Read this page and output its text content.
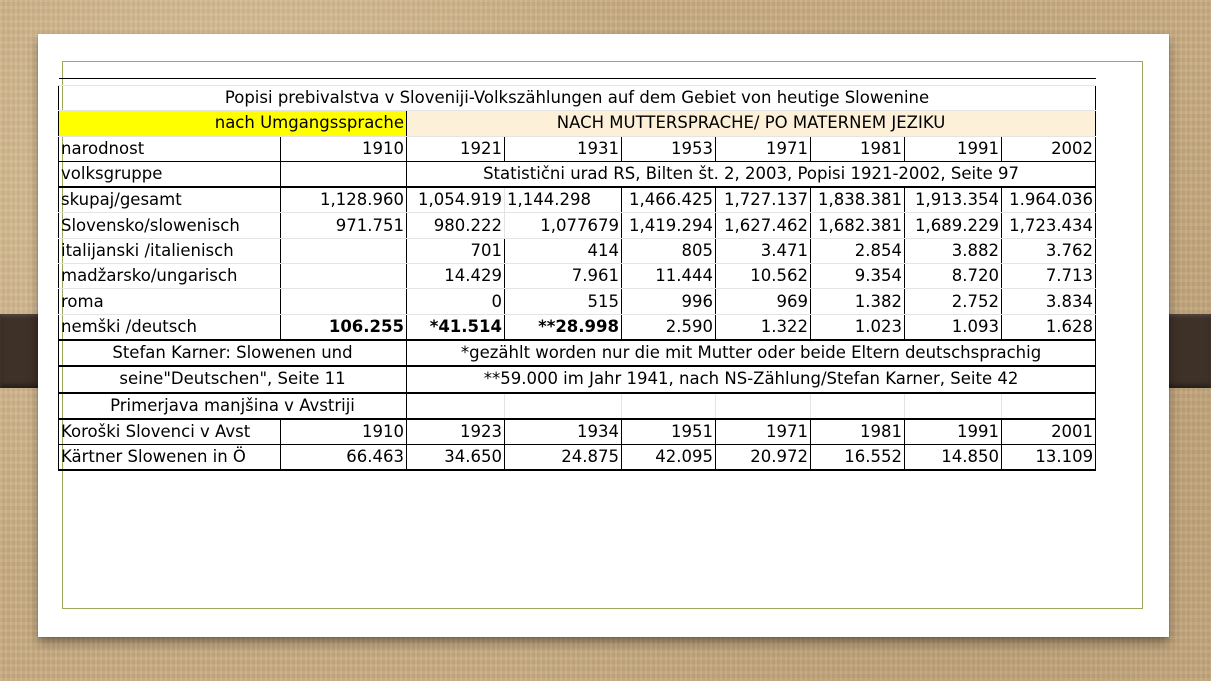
Popisi prebivalstva v Sloveniji-Volkszählungen auf dem Gebiet von heutige Slowenine								
nach Umgangssprache		NACH MUTTERSPRACHE/ PO MATERNEM JEZIKU						
narodnost	1910	1921	1931	1953	1971	1981	1991	2002
volksgruppe		Statistični urad RS, Bilten št. 2, 2003, Popisi 1921-2002, Seite 97						
skupaj/gesamt	1,128.960	1,054.919	1,144.298	1,466.425	1,727.137	1,838.381	1,913.354	1.964.036
Slovensko/slowenisch	971.751	980.222	1,077679	1,419.294	1,627.462	1,682.381	1,689.229	1,723.434
italijanski /italienisch		701	414	805	3.471	2.854	3.882	3.762
madžarsko/ungarisch		14.429	7.961	11.444	10.562	9.354	8.720	7.713
roma		0	515	996	969	1.382	2.752	3.834
nemški /deutsch	106.255	*41.514	**28.998	2.590	1.322	1.023	1.093	1.628
Stefan Karner: Slowenen und		*gezählt worden nur die mit Mutter oder beide Eltern deutschsprachig						
seine"Deutschen", Seite 11		**59.000 im Jahr 1941, nach NS-Zählung/Stefan Karner, Seite 42						
Primerjava manjšina v Avstriji								
Koroški Slovenci v Avst	1910	1923	1934	1951	1971	1981	1991	2001
Kärtner Slowenen in Ö	66.463	34.650	24.875	42.095	20.972	16.552	14.850	13.109
